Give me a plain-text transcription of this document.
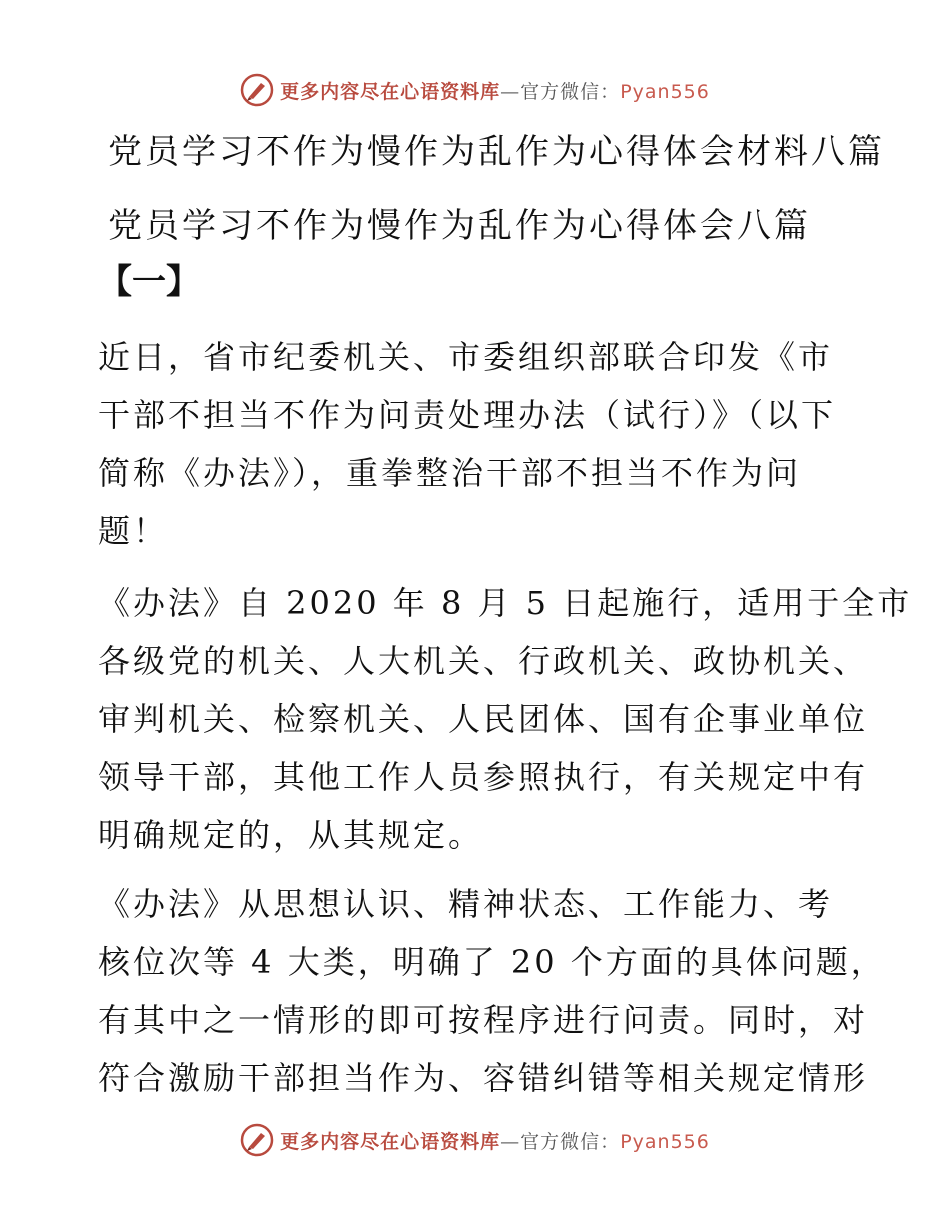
更多内容尽在心语资料库—官方微信：Pyan556
党员学习不作为慢作为乱作为心得体会材料八篇
党员学习不作为慢作为乱作为心得体会八篇
【一】
近日，省市纪委机关、市委组织部联合印发《市
干部不担当不作为问责处理办法（试行）》（以下
简称《办法》），重拳整治干部不担当不作为问
题！
《办法》自 2020 年 8 月 5 日起施行，适用于全市
各级党的机关、人大机关、行政机关、政协机关、
审判机关、检察机关、人民团体、国有企事业单位
领导干部，其他工作人员参照执行，有关规定中有
明确规定的，从其规定。
《办法》从思想认识、精神状态、工作能力、考
核位次等 4 大类，明确了 20 个方面的具体问题，
有其中之一情形的即可按程序进行问责。同时，对
符合激励干部担当作为、容错纠错等相关规定情形
更多内容尽在心语资料库—官方微信：Pyan556
